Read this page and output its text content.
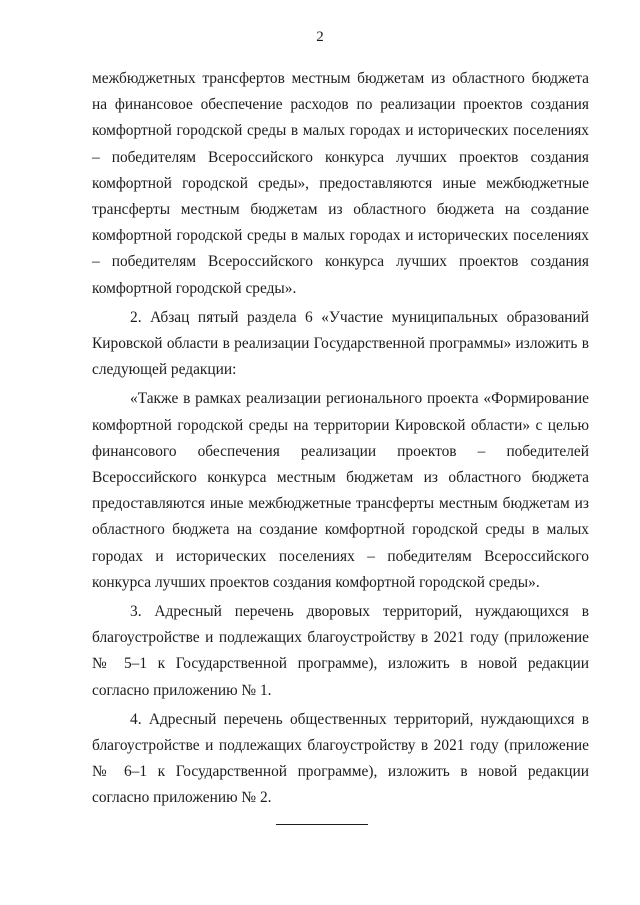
2

межбюджетных трансфертов местным бюджетам из областного бюджета на финансовое обеспечение расходов по реализации проектов создания комфортной городской среды в малых городах и исторических поселениях – победителям Всероссийского конкурса лучших проектов создания комфортной городской среды», предоставляются иные межбюджетные трансферты местным бюджетам из областного бюджета на создание комфортной городской среды в малых городах и исторических поселениях – победителям Всероссийского конкурса лучших проектов создания комфортной городской среды».

2. Абзац пятый раздела 6 «Участие муниципальных образований Кировской области в реализации Государственной программы» изложить в следующей редакции:

«Также в рамках реализации регионального проекта «Формирование комфортной городской среды на территории Кировской области» с целью финансового обеспечения реализации проектов – победителей Всероссийского конкурса местным бюджетам из областного бюджета предоставляются иные межбюджетные трансферты местным бюджетам из областного бюджета на создание комфортной городской среды в малых городах и исторических поселениях – победителям Всероссийского конкурса лучших проектов создания комфортной городской среды».

3. Адресный перечень дворовых территорий, нуждающихся в благоустройстве и подлежащих благоустройству в 2021 году (приложение № 5–1 к Государственной программе), изложить в новой редакции согласно приложению № 1.

4. Адресный перечень общественных территорий, нуждающихся в благоустройстве и подлежащих благоустройству в 2021 году (приложение № 6–1 к Государственной программе), изложить в новой редакции согласно приложению № 2.
